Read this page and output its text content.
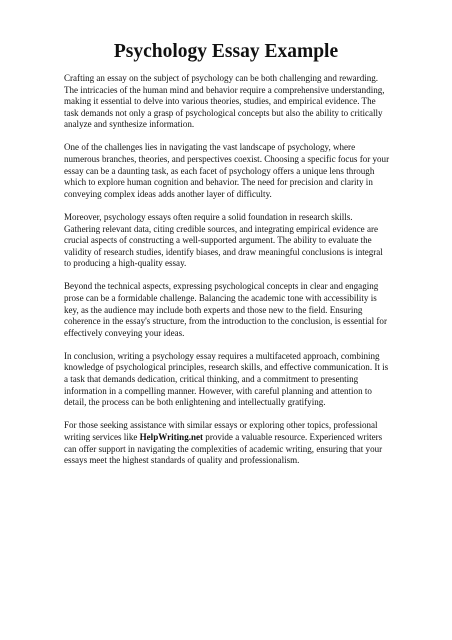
Psychology Essay Example

Crafting an essay on the subject of psychology can be both challenging and rewarding. The intricacies of the human mind and behavior require a comprehensive understanding, making it essential to delve into various theories, studies, and empirical evidence. The task demands not only a grasp of psychological concepts but also the ability to critically analyze and synthesize information.

One of the challenges lies in navigating the vast landscape of psychology, where numerous branches, theories, and perspectives coexist. Choosing a specific focus for your essay can be a daunting task, as each facet of psychology offers a unique lens through which to explore human cognition and behavior. The need for precision and clarity in conveying complex ideas adds another layer of difficulty.

Moreover, psychology essays often require a solid foundation in research skills. Gathering relevant data, citing credible sources, and integrating empirical evidence are crucial aspects of constructing a well-supported argument. The ability to evaluate the validity of research studies, identify biases, and draw meaningful conclusions is integral to producing a high-quality essay.

Beyond the technical aspects, expressing psychological concepts in clear and engaging prose can be a formidable challenge. Balancing the academic tone with accessibility is key, as the audience may include both experts and those new to the field. Ensuring coherence in the essay's structure, from the introduction to the conclusion, is essential for effectively conveying your ideas.

In conclusion, writing a psychology essay requires a multifaceted approach, combining knowledge of psychological principles, research skills, and effective communication. It is a task that demands dedication, critical thinking, and a commitment to presenting information in a compelling manner. However, with careful planning and attention to detail, the process can be both enlightening and intellectually gratifying.

For those seeking assistance with similar essays or exploring other topics, professional writing services like HelpWriting.net provide a valuable resource. Experienced writers can offer support in navigating the complexities of academic writing, ensuring that your essays meet the highest standards of quality and professionalism.
